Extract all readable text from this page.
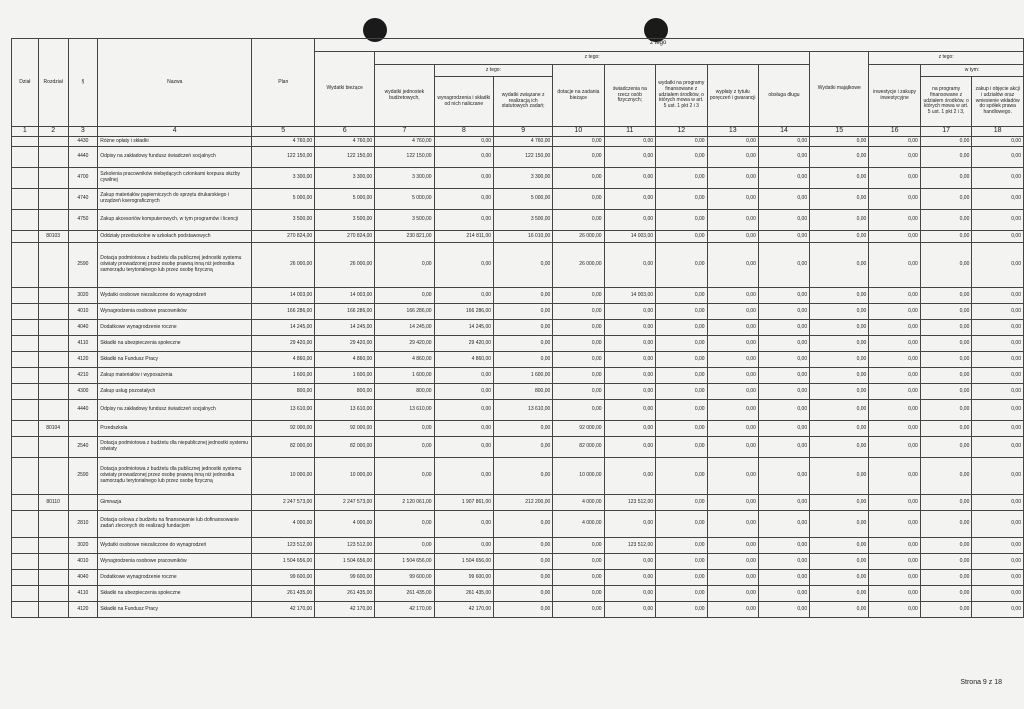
z tego
Dział	Rozdział	§	Nazwa	Plan													
					Wydatki bieżące	z tego:								Wydatki majątkowe	z tego:		
						wydatki jednostek budżetowych,	z tego:		dotacje na zadania bieżące	świadczenia na rzecz osób fizycznych;	wydatki na programy finansowane z udziałem środków, o których mowa w art. 5 ust. 1 pkt 2 i 3	wypłaty z tytułu poręczeń i gwarancji	obsługa długu		inwestycje i zakupy inwestycyjne	w tym:	
							wynagrodzenia i składki od nich naliczane	wydatki związane z realizacją ich statutowych zadań;								na programy finansowane z udziałem środków, o których mowa w art. 5 ust. 1 pkt 2 i 3,	zakup i objęcie akcji i udziałów oraz wniesienie wkładów do spółek prawa handlowego.
1	2	3	4	5	6	7	8	9	10	11	12	13	14	15	16	17	18
		4430	Różne opłaty i składki	4 760,00	4 760,00	4 760,00	0,00	4 760,00	0,00	0,00	0,00	0,00	0,00	0,00	0,00	0,00	0,00
		4440	Odpisy na zakładowy fundusz świadczeń socjalnych	122 150,00	122 150,00	122 150,00	0,00	122 150,00	0,00	0,00	0,00	0,00	0,00	0,00	0,00	0,00	0,00
		4700	Szkolenia pracowników niebędących członkami korpusu służby cywilnej	3 300,00	3 300,00	3 300,00	0,00	3 300,00	0,00	0,00	0,00	0,00	0,00	0,00	0,00	0,00	0,00
		4740	Zakup materiałów papierniczych do sprzętu drukarskiego i urządzeń kserograficznych	5 000,00	5 000,00	5 000,00	0,00	5 000,00	0,00	0,00	0,00	0,00	0,00	0,00	0,00	0,00	0,00
		4750	Zakup akcesoriów komputerowych, w tym programów i licencji	3 500,00	3 500,00	3 500,00	0,00	3 500,00	0,00	0,00	0,00	0,00	0,00	0,00	0,00	0,00	0,00
	80103		Oddziały przedszkolne w szkołach podstawowych	270 824,00	270 824,00	230 821,00	214 811,00	16 010,00	26 000,00	14 003,00	0,00	0,00	0,00	0,00	0,00	0,00	0,00
		2590	Dotacja podmiotowa z budżetu dla publicznej jednostki systemu oświaty prowadzonej przez osobę prawną inną niż jednostka samorządu terytorialnego lub przez osobę fizyczną	26 000,00	26 000,00	0,00	0,00	0,00	26 000,00	0,00	0,00	0,00	0,00	0,00	0,00	0,00	0,00
		3020	Wydatki osobowe niezaliczone do wynagrodzeń	14 003,00	14 003,00	0,00	0,00	0,00	0,00	14 003,00	0,00	0,00	0,00	0,00	0,00	0,00	0,00
		4010	Wynagrodzenia osobowe pracowników	166 286,00	166 286,00	166 286,00	166 286,00	0,00	0,00	0,00	0,00	0,00	0,00	0,00	0,00	0,00	0,00
		4040	Dodatkowe wynagrodzenie roczne	14 245,00	14 245,00	14 245,00	14 245,00	0,00	0,00	0,00	0,00	0,00	0,00	0,00	0,00	0,00	0,00
		4110	Składki na ubezpieczenia społeczne	29 420,00	29 420,00	29 420,00	29 420,00	0,00	0,00	0,00	0,00	0,00	0,00	0,00	0,00	0,00	0,00
		4120	Składki na Fundusz Pracy	4 860,00	4 860,00	4 860,00	4 860,00	0,00	0,00	0,00	0,00	0,00	0,00	0,00	0,00	0,00	0,00
		4210	Zakup materiałów i wyposażenia	1 600,00	1 600,00	1 600,00	0,00	1 600,00	0,00	0,00	0,00	0,00	0,00	0,00	0,00	0,00	0,00
		4300	Zakup usług pozostałych	800,00	800,00	800,00	0,00	800,00	0,00	0,00	0,00	0,00	0,00	0,00	0,00	0,00	0,00
		4440	Odpisy na zakładowy fundusz świadczeń socjalnych	13 610,00	13 610,00	13 610,00	0,00	13 610,00	0,00	0,00	0,00	0,00	0,00	0,00	0,00	0,00	0,00
	80104		Przedszkola	92 000,00	92 000,00	0,00	0,00	0,00	92 000,00	0,00	0,00	0,00	0,00	0,00	0,00	0,00	0,00
		2540	Dotacja podmiotowa z budżetu dla niepublicznej jednostki systemu oświaty	82 000,00	82 000,00	0,00	0,00	0,00	82 000,00	0,00	0,00	0,00	0,00	0,00	0,00	0,00	0,00
		2590	Dotacja podmiotowa z budżetu dla publicznej jednostki systemu oświaty prowadzonej przez osobę prawną inną niż jednostka samorządu terytorialnego lub przez osobę fizyczną	10 000,00	10 000,00	0,00	0,00	0,00	10 000,00	0,00	0,00	0,00	0,00	0,00	0,00	0,00	0,00
	80110		Gimnazja	2 247 573,00	2 247 573,00	2 120 061,00	1 907 861,00	212 200,00	4 000,00	123 512,00	0,00	0,00	0,00	0,00	0,00	0,00	0,00
		2810	Dotacja celowa z budżetu na finansowanie lub dofinansowanie zadań zleconych do realizacji fundacjom	4 000,00	4 000,00	0,00	0,00	0,00	4 000,00	0,00	0,00	0,00	0,00	0,00	0,00	0,00	0,00
		3020	Wydatki osobowe niezaliczone do wynagrodzeń	123 512,00	123 512,00	0,00	0,00	0,00	0,00	123 512,00	0,00	0,00	0,00	0,00	0,00	0,00	0,00
		4010	Wynagrodzenia osobowe pracowników	1 504 656,00	1 504 656,00	1 504 656,00	1 504 656,00	0,00	0,00	0,00	0,00	0,00	0,00	0,00	0,00	0,00	0,00
		4040	Dodatkowe wynagrodzenie roczne	99 600,00	99 600,00	99 600,00	99 600,00	0,00	0,00	0,00	0,00	0,00	0,00	0,00	0,00	0,00	0,00
		4110	Składki na ubezpieczenia społeczne	261 435,00	261 435,00	261 435,00	261 435,00	0,00	0,00	0,00	0,00	0,00	0,00	0,00	0,00	0,00	0,00
		4120	Składki na Fundusz Pracy	42 170,00	42 170,00	42 170,00	42 170,00	0,00	0,00	0,00	0,00	0,00	0,00	0,00	0,00	0,00	0,00
Strona 9 z 18
